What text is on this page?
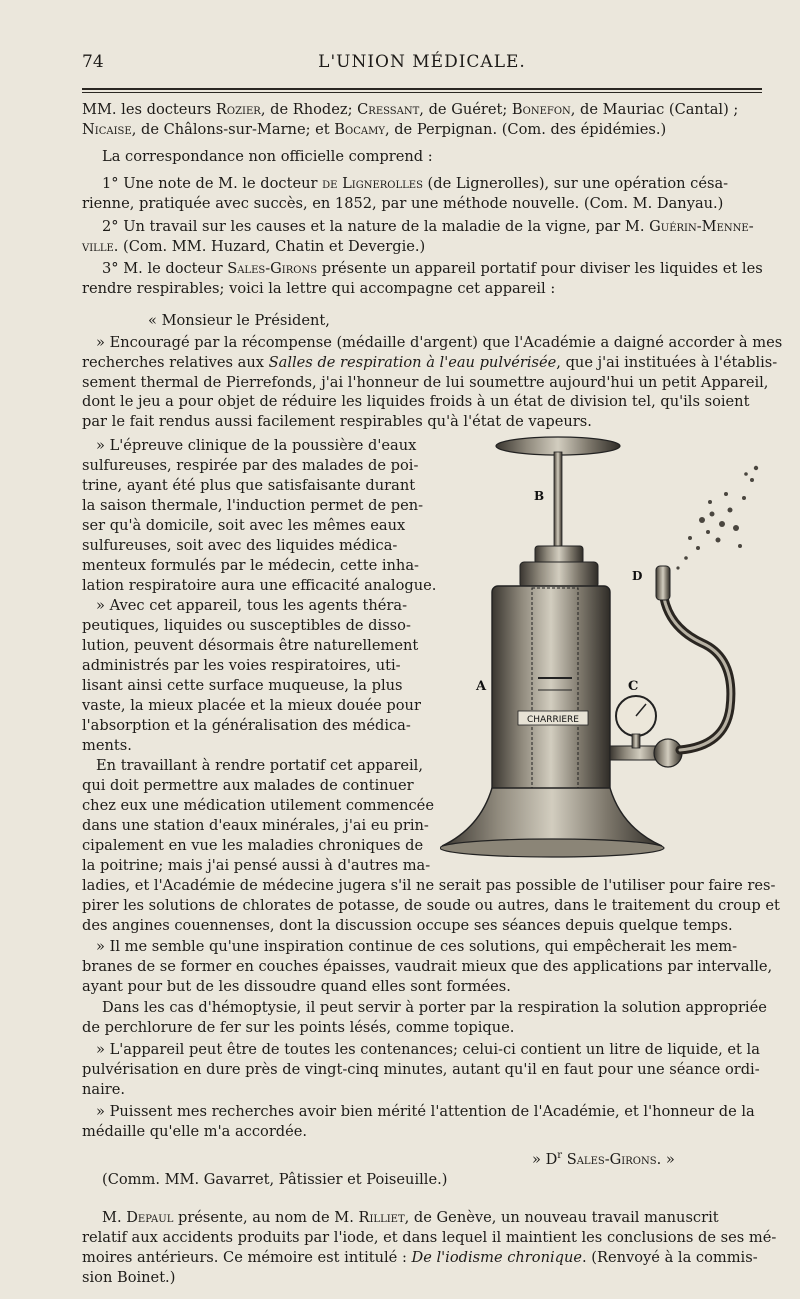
74	L'UNION MÉDICALE.

MM. les docteurs Rozier, de Rhodez; Cressant, de Guéret; Bonefon, de Mauriac (Cantal) ;

Nicaise, de Châlons-sur-Marne; et Bocamy, de Perpignan. (Com. des épidémies.)

La correspondance non officielle comprend :

1° Une note de M. le docteur de Lignerolles (de Lignerolles), sur une opération césa-

rienne, pratiquée avec succès, en 1852, par une méthode nouvelle. (Com. M. Danyau.)

2° Un travail sur les causes et la nature de la maladie de la vigne, par M. Guérin-Menne-

ville. (Com. MM. Huzard, Chatin et Devergie.)

3° M. le docteur Sales-Girons présente un appareil portatif pour diviser les liquides et les

rendre respirables; voici la lettre qui accompagne cet appareil :

« Monsieur le Président,

» Encouragé par la récompense (médaille d'argent) que l'Académie a daigné accorder à mes

recherches relatives aux Salles de respiration à l'eau pulvérisée, que j'ai instituées à l'établis-

sement thermal de Pierrefonds, j'ai l'honneur de lui soumettre aujourd'hui un petit Appareil,

dont le jeu a pour objet de réduire les liquides froids à un état de division tel, qu'ils soient

par le fait rendus aussi facilement respirables qu'à l'état de vapeurs.

» L'épreuve clinique de la poussière d'eaux

sulfureuses, respirée par des malades de poi-

trine, ayant été plus que satisfaisante durant

la saison thermale, l'induction permet de pen-

ser qu'à domicile, soit avec les mêmes eaux

sulfureuses, soit avec des liquides médica-

menteux formulés par le médecin, cette inha-

lation respiratoire aura une efficacité analogue.

» Avec cet appareil, tous les agents théra-

peutiques, liquides ou susceptibles de disso-

lution, peuvent désormais être naturellement

administrés par les voies respiratoires, uti-

lisant ainsi cette surface muqueuse, la plus

vaste, la mieux placée et la mieux douée pour

l'absorption et la généralisation des médica-

ments.

En travaillant à rendre portatif cet appareil,

qui doit permettre aux malades de continuer

chez eux une médication utilement commencée

dans une station d'eaux minérales, j'ai eu prin-

cipalement en vue les maladies chroniques de

la poitrine; mais j'ai pensé aussi à d'autres ma-

ladies, et l'Académie de médecine jugera s'il ne serait pas possible de l'utiliser pour faire res-

pirer les solutions de chlorates de potasse, de soude ou autres, dans le traitement du croup et

des angines couennenses, dont la discussion occupe ses séances depuis quelque temps.

» Il me semble qu'une inspiration continue de ces solutions, qui empêcherait les mem-

branes de se former en couches épaisses, vaudrait mieux que des applications par intervalle,

ayant pour but de les dissoudre quand elles sont formées.

Dans les cas d'hémoptysie, il peut servir à porter par la respiration la solution appropriée

de perchlorure de fer sur les points lésés, comme topique.

» L'appareil peut être de toutes les contenances; celui-ci contient un litre de liquide, et la

pulvérisation en dure près de vingt-cinq minutes, autant qu'il en faut pour une séance ordi-

naire.

» Puissent mes recherches avoir bien mérité l'attention de l'Académie, et l'honneur de la

médaille qu'elle m'a accordée.

» $D^r$ Sales-Girons. »

(Comm. MM. Gavarret, Pâtissier et Poiseuille.)

M. Depaul présente, au nom de M. Rilliet, de Genève, un nouveau travail manuscrit

relatif aux accidents produits par l'iode, et dans lequel il maintient les conclusions de ses mé-

moires antérieurs. Ce mémoire est intitulé : De l'iodisme chronique. (Renvoyé à la commis-

sion Boinet.)

CHARRIERE
A
B
C
D
